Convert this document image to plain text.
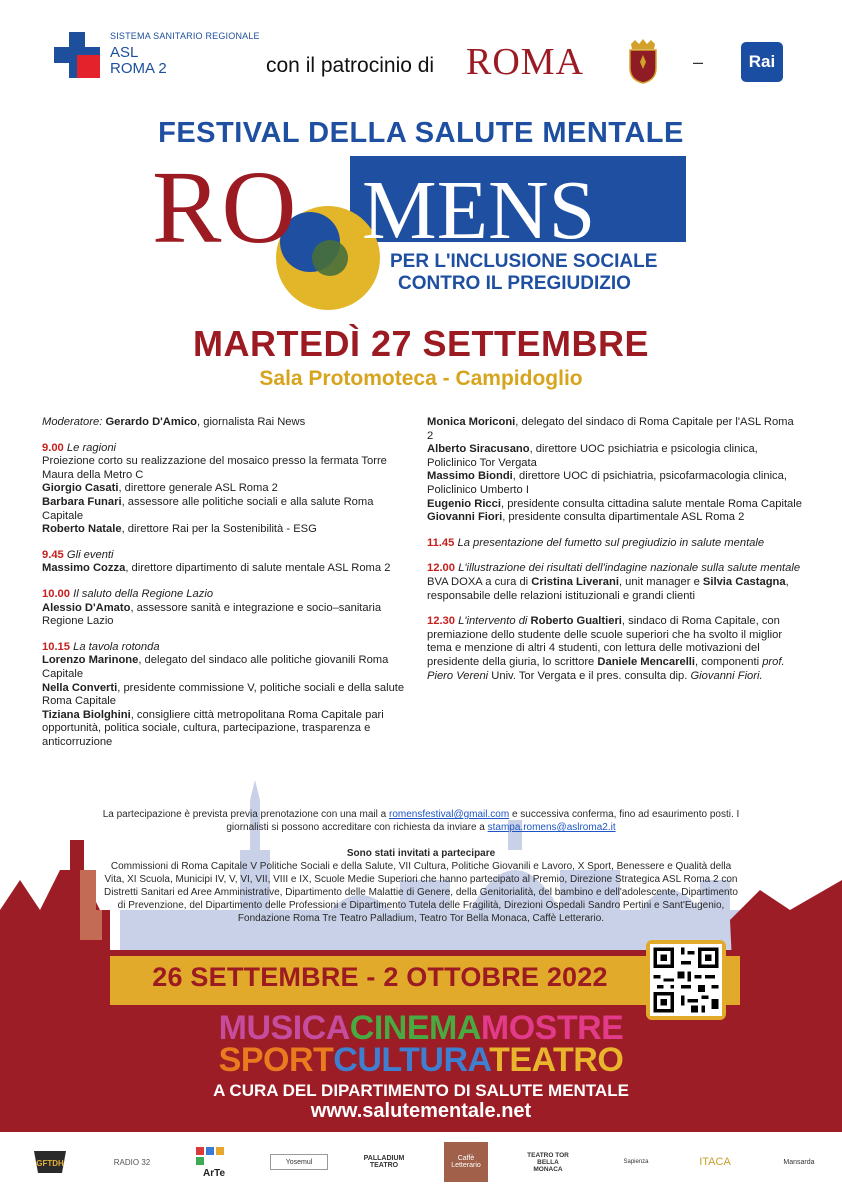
SISTEMA SANITARIO REGIONALE
ASL
ROMA 2	con il patrocinio di ROMA	–	Rai
FESTIVAL DELLA SALUTE MENTALE
RO MENS
PER L'INCLUSIONE SOCIALE
CONTRO IL PREGIUDIZIO
MARTEDÌ 27 SETTEMBRE
Sala Protomoteca - Campidoglio
Moderatore: Gerardo D'Amico, giornalista Rai News
9.00 Le ragioni
Proiezione corto su realizzazione del mosaico presso la fermata Torre Maura della Metro C
Giorgio Casati, direttore generale ASL Roma 2
Barbara Funari, assessore alle politiche sociali e alla salute Roma Capitale
Roberto Natale, direttore Rai per la Sostenibilità - ESG
9.45 Gli eventi
Massimo Cozza, direttore dipartimento di salute mentale ASL Roma 2
10.00 Il saluto della Regione Lazio
Alessio D'Amato, assessore sanità e integrazione e socio–sanitaria Regione Lazio
10.15 La tavola rotonda
Lorenzo Marinone, delegato del sindaco alle politiche giovanili Roma Capitale
Nella Converti, presidente commissione V, politiche sociali e della salute Roma Capitale
Tiziana Biolghini, consigliere città metropolitana Roma Capitale pari opportunità, politica sociale, cultura, partecipazione, trasparenza e anticorruzione
Monica Moriconi, delegato del sindaco di Roma Capitale per l'ASL Roma 2
Alberto Siracusano, direttore UOC psichiatria e psicologia clinica, Policlinico Tor Vergata
Massimo Biondi, direttore UOC di psichiatria, psicofarmacologia clinica, Policlinico Umberto I
Eugenio Ricci, presidente consulta cittadina salute mentale Roma Capitale
Giovanni Fiori, presidente consulta dipartimentale ASL Roma 2
11.45 La presentazione del fumetto sul pregiudizio in salute mentale
12.00 L'illustrazione dei risultati dell'indagine nazionale sulla salute mentale BVA DOXA a cura di Cristina Liverani, unit manager e Silvia Castagna, responsabile delle relazioni istituzionali e grandi clienti
12.30 L'intervento di Roberto Gualtieri, sindaco di Roma Capitale, con premiazione dello studente delle scuole superiori che ha svolto il miglior tema e menzione di altri 4 studenti, con lettura delle motivazioni del presidente della giuria, lo scrittore Daniele Mencarelli, componenti prof. Piero Vereni Univ. Tor Vergata e il pres. consulta dip. Giovanni Fiori.
La partecipazione è prevista previa prenotazione con una mail a romensfestival@gmail.com e successiva conferma, fino ad esaurimento posti. I giornalisti si possono accreditare con richiesta da inviare a stampa.romens@aslroma2.it
Sono stati invitati a partecipare
Commissioni di Roma Capitale V Politiche Sociali e della Salute, VII Cultura, Politiche Giovanili e Lavoro, X Sport, Benessere e Qualità della Vita, XI Scuola, Municipi IV, V, VI, VII, VIII e IX, Scuole Medie Superiori che hanno partecipato al Premio, Direzione Strategica ASL Roma 2 con Distretti Sanitari ed Aree Amministrative, Dipartimento delle Malattie di Genere, della Genitorialità, del bambino e dell'adolescente, Dipartimento di Prevenzione, del Dipartimento delle Professioni e Dipartimento Tutela delle Fragilità, Direzioni Ospedali Sandro Pertini e Sant'Eugenio, Fondazione Roma Tre Teatro Palladium, Teatro Tor Bella Monaca, Caffè Letterario.
26 SETTEMBRE - 2 OTTOBRE 2022
MUSICACINEMAMOSTRE
SPORTCULTURATEATRO
A CURA DEL DIPARTIMENTO DI SALUTE MENTALE
www.salutementale.net
GFTDH	RADIO 32
ArTe
Yosemul	PALLADIUM TEATRO
Caffè Letterario
TEATRO TOR BELLA MONACA
Sapienza	ITACA	Mansarda
